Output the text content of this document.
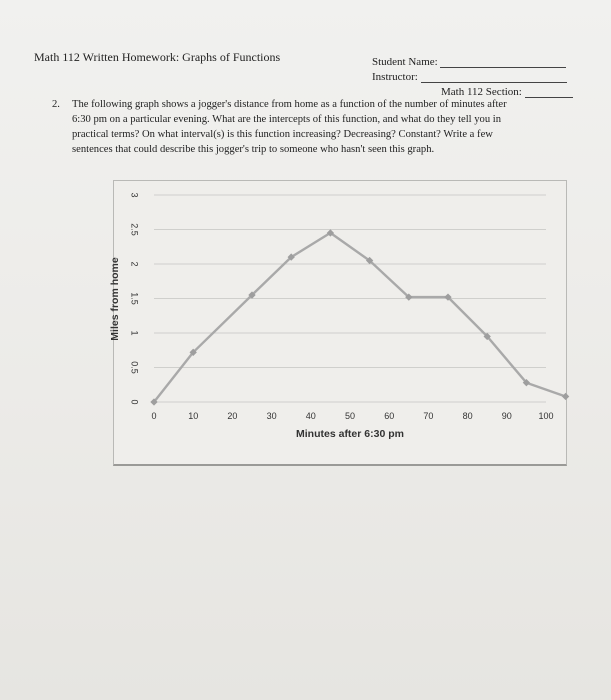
Math 112 Written Homework: Graphs of Functions	Student Name:
Instructor:
Math 112 Section:
2. The following graph shows a jogger's distance from home as a function of the number of minutes after
6:30 pm on a particular evening. What are the intercepts of this function, and what do they tell you in
practical terms? On what interval(s) is this function increasing? Decreasing? Constant? Write a few
sentences that could describe this jogger's trip to someone who hasn't seen this graph.
0
0.5
1
1.5
2
2.5
3
0	10	20	30	40	50	60	70	80	90	100
Minutes after 6:30 pm
Miles from home
